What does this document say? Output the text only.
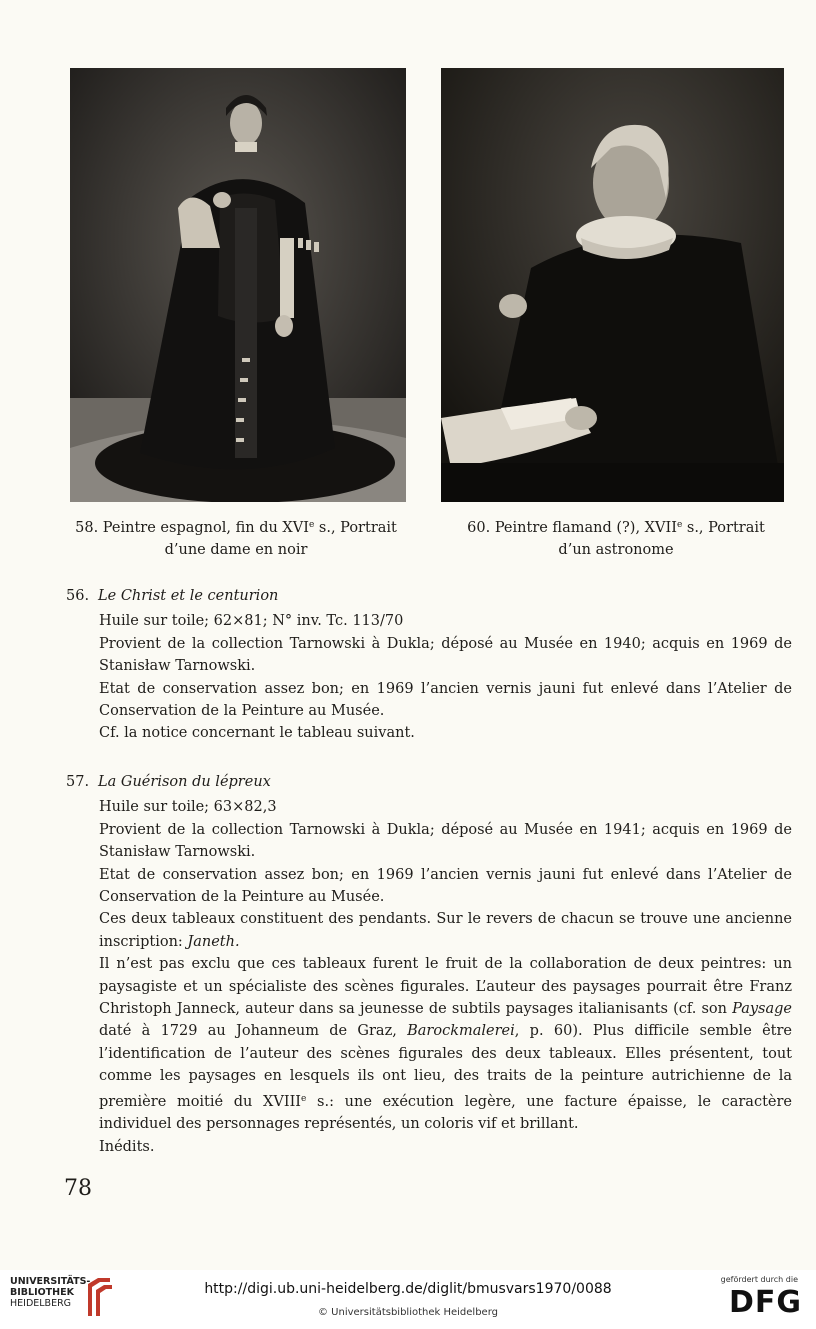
58. Peintre espagnol, fin du XVIe s., Portrait
d’une dame en noir
60. Peintre flamand (?), XVIIe s., Portrait
d’un astronome
56. Le Christ et le centurion
Huile sur toile; 62×81; N° inv. Tc. 113/70
Provient de la collection Tarnowski à Dukla; déposé au Musée en 1940; acquis en 1969 de Stanisław Tarnowski.
Etat de conservation assez bon; en 1969 l’ancien vernis jauni fut enlevé dans l’Atelier de Conservation de la Peinture au Musée.
Cf. la notice concernant le tableau suivant.
57. La Guérison du lépreux
Huile sur toile; 63×82,3
Provient de la collection Tarnowski à Dukla; déposé au Musée en 1941; acquis en 1969 de Stanisław Tarnowski.
Etat de conservation assez bon; en 1969 l’ancien vernis jauni fut enlevé dans l’Atelier de Conservation de la Peinture au Musée.
Ces deux tableaux constituent des pendants. Sur le revers de chacun se trouve une ancienne inscription: Janeth.
Il n’est pas exclu que ces tableaux furent le fruit de la collaboration de deux peintres: un paysagiste et un spécialiste des scènes figurales. L’auteur des paysages pourrait être Franz Christoph Janneck, auteur dans sa jeunesse de subtils paysages italianisants (cf. son Paysage daté à 1729 au Johanneum de Graz, Barockmalerei, p. 60). Plus difficile semble être l’identification de l’auteur des scènes figurales des deux tableaux. Elles présentent, tout comme les paysages en lesquels ils ont lieu, des traits de la peinture autrichienne de la première moitié du XVIIIe s.: une exécution legère, une facture épaisse, le caractère individuel des personnages représentés, un coloris vif et brillant.
Inédits.
78
UNIVERSITÄTS-
BIBLIOTHEK
HEIDELBERG
http://digi.ub.uni-heidelberg.de/diglit/bmusvars1970/0088
© Universitätsbibliothek Heidelberg
gefördert durch die
DFG
